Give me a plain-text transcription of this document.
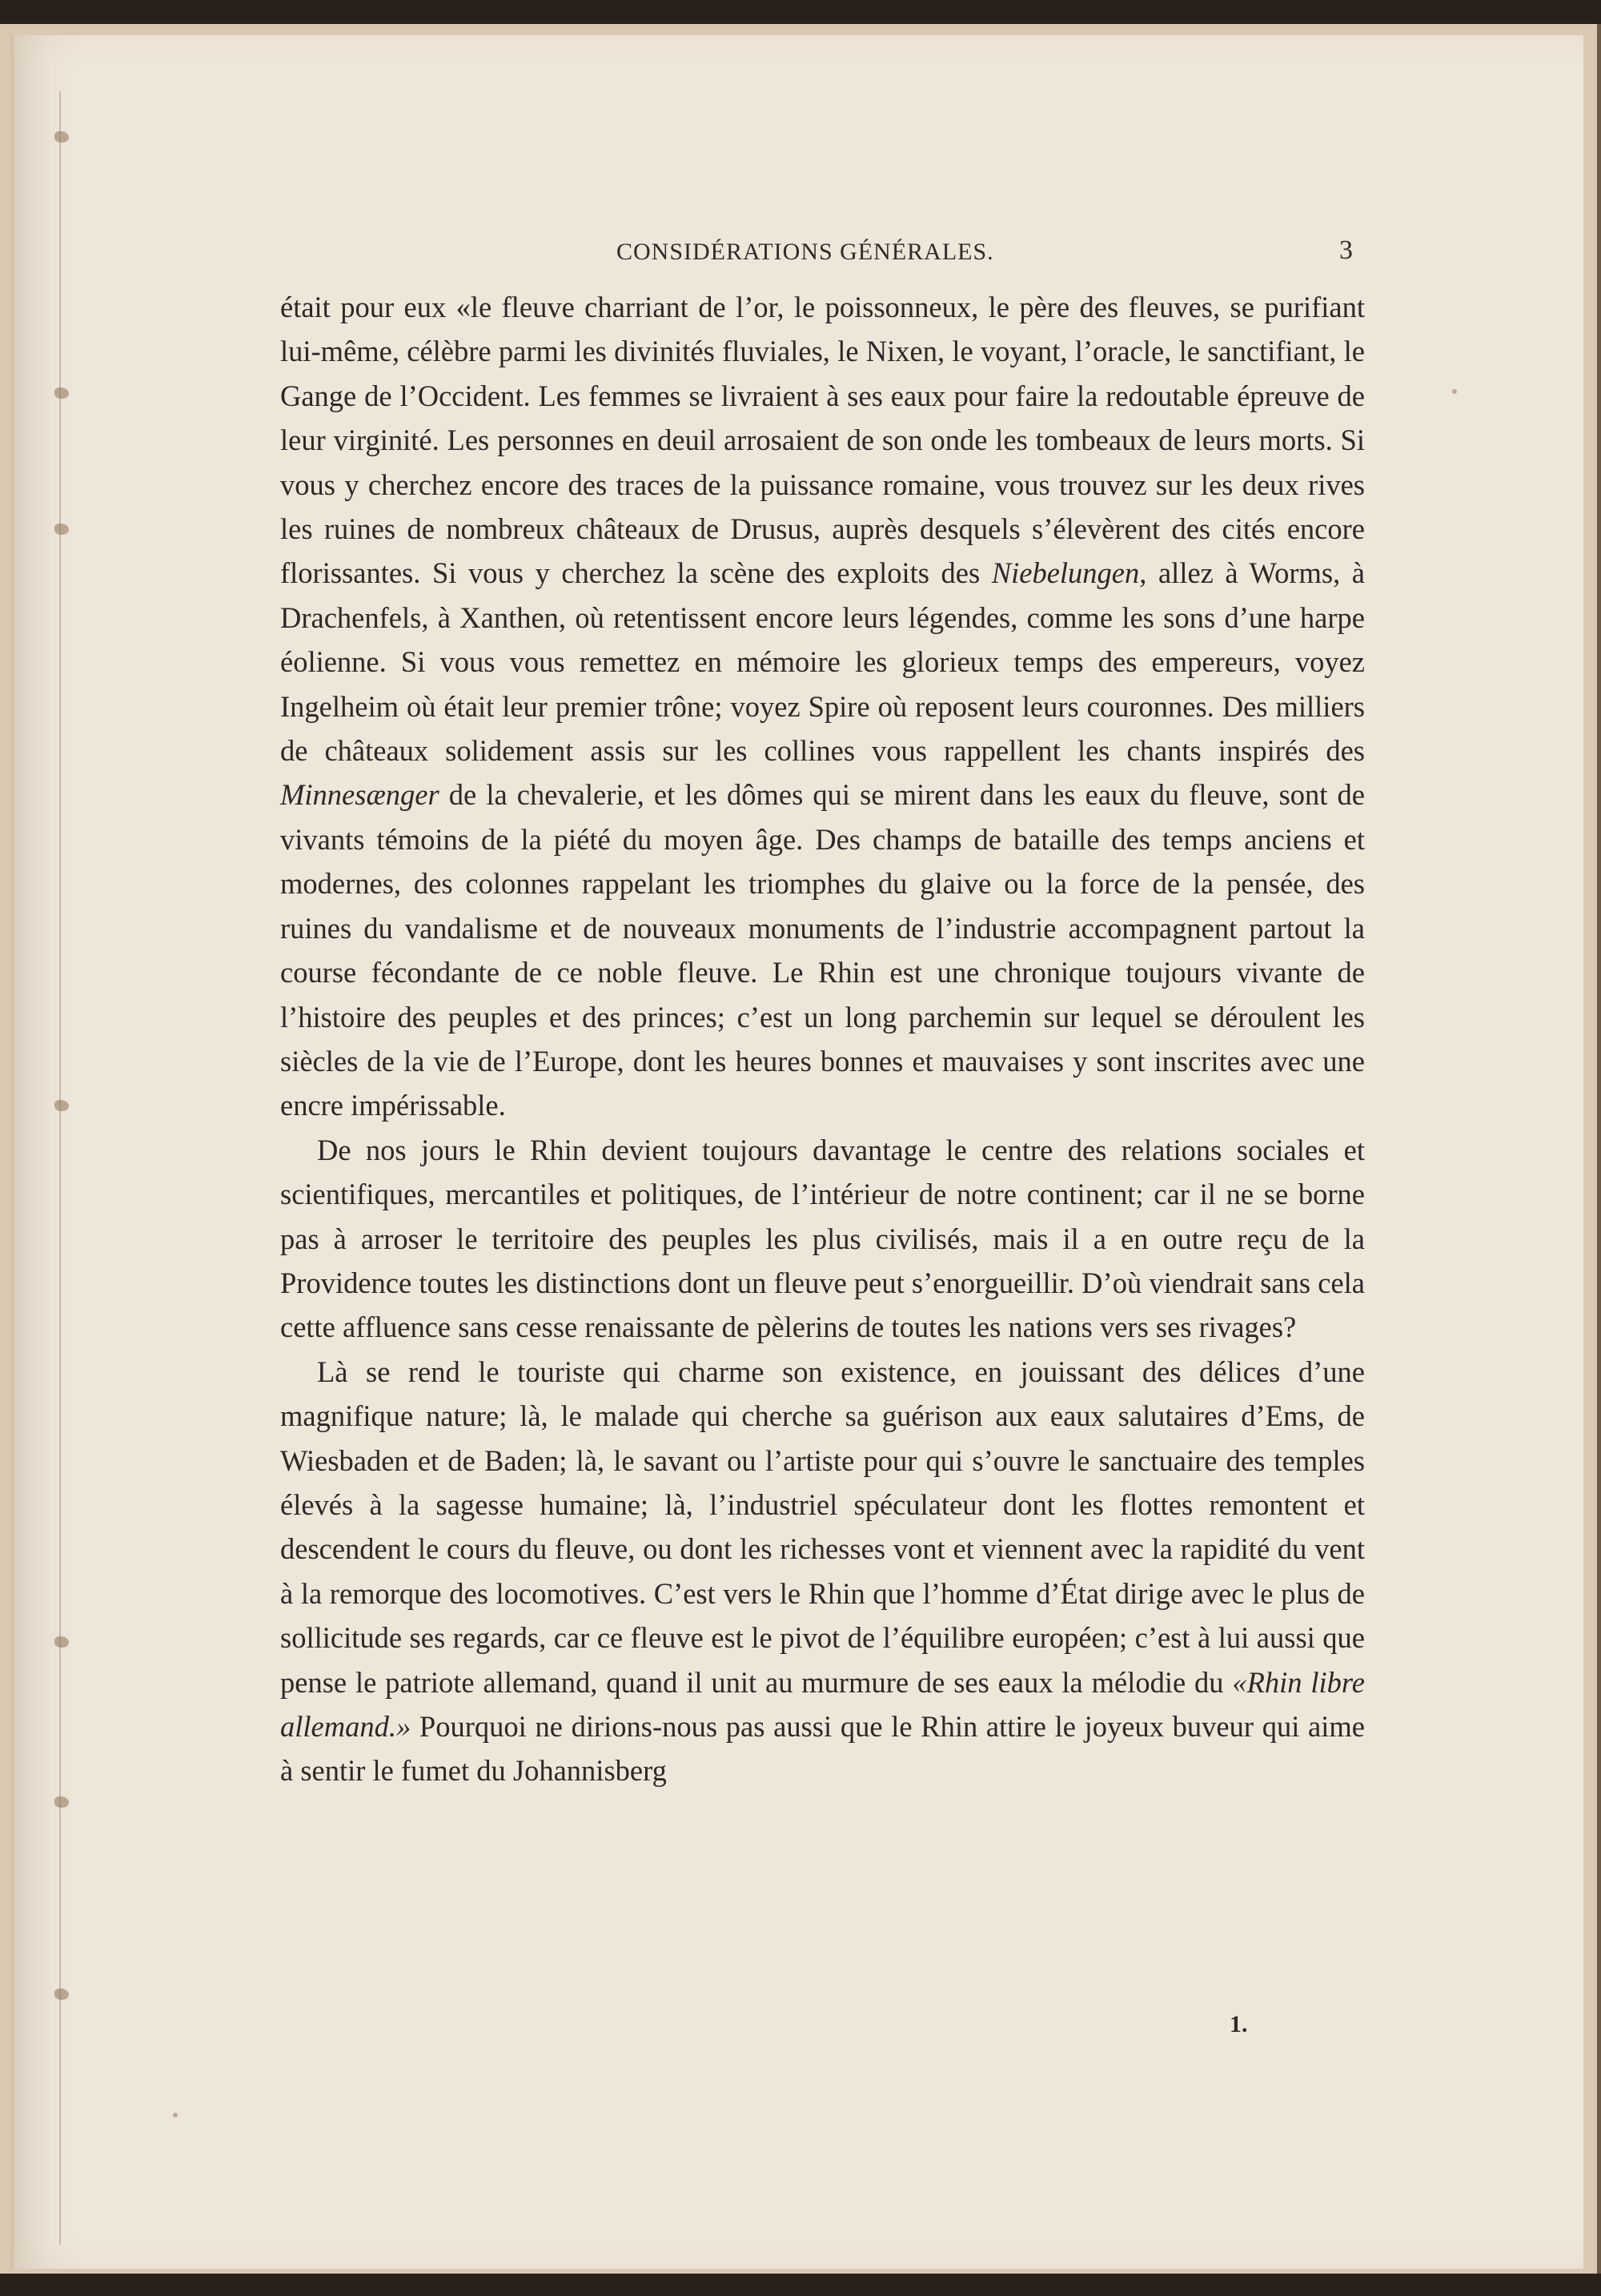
CONSIDÉRATIONS GÉNÉRALES.	3

était pour eux «le fleuve charriant de l’or, le poissonneux, le père des fleuves, se purifiant lui-même, célèbre parmi les divinités fluviales, le Nixen, le voyant, l’oracle, le sanctifiant, le Gange de l’Occident. Les femmes se livraient à ses eaux pour faire la redoutable épreuve de leur virginité. Les personnes en deuil arrosaient de son onde les tombeaux de leurs morts. Si vous y cherchez encore des traces de la puissance romaine, vous trouvez sur les deux rives les ruines de nombreux châteaux de Drusus, auprès desquels s’élevèrent des cités encore florissantes. Si vous y cherchez la scène des exploits des Niebelungen, allez à Worms, à Drachenfels, à Xanthen, où retentissent encore leurs légendes, comme les sons d’une harpe éolienne. Si vous vous remettez en mémoire les glorieux temps des empereurs, voyez Ingelheim où était leur premier trône; voyez Spire où reposent leurs couronnes. Des milliers de châteaux solidement assis sur les collines vous rappellent les chants inspirés des Minnesænger de la chevalerie, et les dômes qui se mirent dans les eaux du fleuve, sont de vivants témoins de la piété du moyen âge. Des champs de bataille des temps anciens et modernes, des colonnes rappelant les triomphes du glaive ou la force de la pensée, des ruines du vandalisme et de nouveaux monuments de l’industrie accompagnent partout la course fécondante de ce noble fleuve. Le Rhin est une chronique toujours vivante de l’histoire des peuples et des princes; c’est un long parchemin sur lequel se déroulent les siècles de la vie de l’Europe, dont les heures bonnes et mauvaises y sont inscrites avec une encre impérissable.

De nos jours le Rhin devient toujours davantage le centre des relations sociales et scientifiques, mercantiles et politiques, de l’intérieur de notre continent; car il ne se borne pas à arroser le territoire des peuples les plus civilisés, mais il a en outre reçu de la Providence toutes les distinctions dont un fleuve peut s’enorgueillir. D’où viendrait sans cela cette affluence sans cesse renaissante de pèlerins de toutes les nations vers ses rivages?

Là se rend le touriste qui charme son existence, en jouissant des délices d’une magnifique nature; là, le malade qui cherche sa guérison aux eaux salutaires d’Ems, de Wiesbaden et de Baden; là, le savant ou l’artiste pour qui s’ouvre le sanctuaire des temples élevés à la sagesse humaine; là, l’industriel spéculateur dont les flottes remontent et descendent le cours du fleuve, ou dont les richesses vont et viennent avec la rapidité du vent à la remorque des locomotives. C’est vers le Rhin que l’homme d’État dirige avec le plus de sollicitude ses regards, car ce fleuve est le pivot de l’équilibre européen; c’est à lui aussi que pense le patriote allemand, quand il unit au murmure de ses eaux la mélodie du «Rhin libre allemand.» Pourquoi ne dirions-nous pas aussi que le Rhin attire le joyeux buveur qui aime à sentir le fumet du Johannisberg

1.
